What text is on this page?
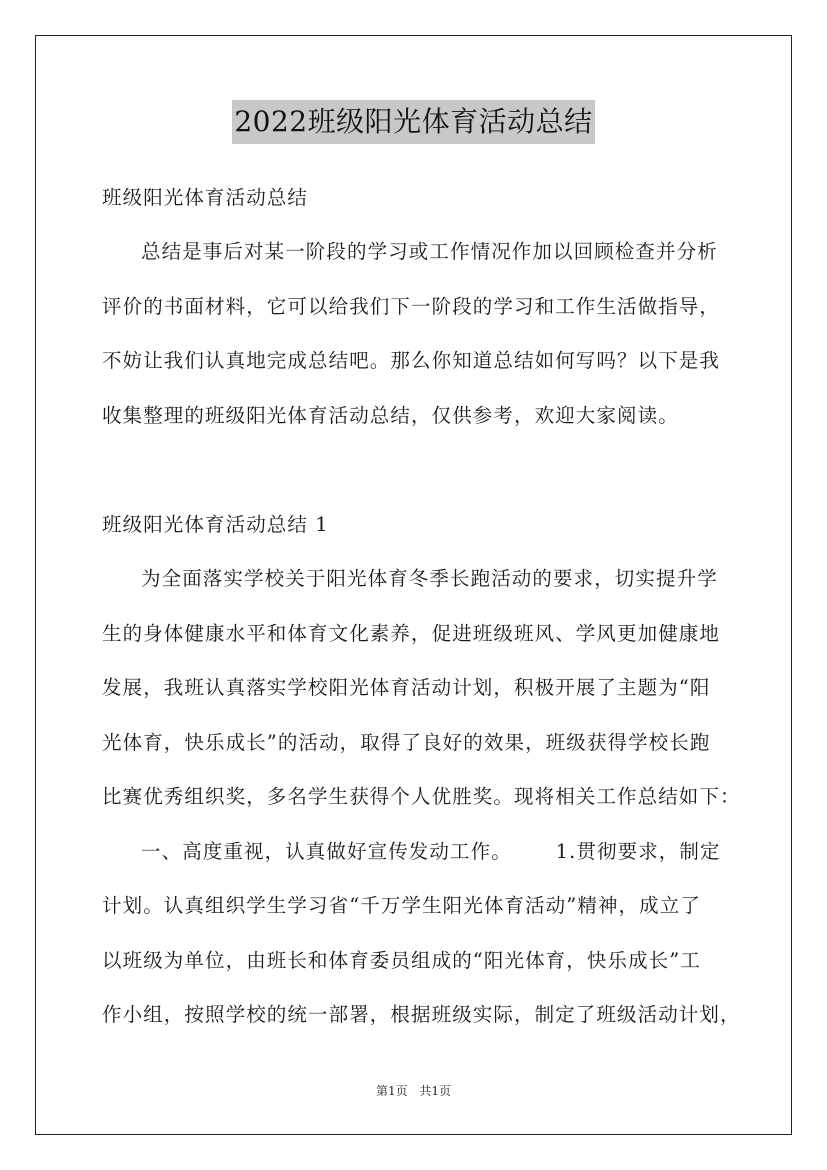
2022班级阳光体育活动总结
班级阳光体育活动总结
总结是事后对某一阶段的学习或工作情况作加以回顾检查并分析
评价的书面材料，它可以给我们下一阶段的学习和工作生活做指导，
不妨让我们认真地完成总结吧。那么你知道总结如何写吗？以下是我
收集整理的班级阳光体育活动总结，仅供参考，欢迎大家阅读。
班级阳光体育活动总结 1
为全面落实学校关于阳光体育冬季长跑活动的要求，切实提升学
生的身体健康水平和体育文化素养，促进班级班风、学风更加健康地
发展，我班认真落实学校阳光体育活动计划，积极开展了主题为“阳
光体育，快乐成长”的活动，取得了良好的效果，班级获得学校长跑
比赛优秀组织奖，多名学生获得个人优胜奖。现将相关工作总结如下：
一、高度重视，认真做好宣传发动工作。      1.贯彻要求，制定
计划。认真组织学生学习省“千万学生阳光体育活动”精神，成立了
以班级为单位，由班长和体育委员组成的“阳光体育，快乐成长”工
作小组，按照学校的统一部署，根据班级实际，制定了班级活动计划，
第1页 共1页
